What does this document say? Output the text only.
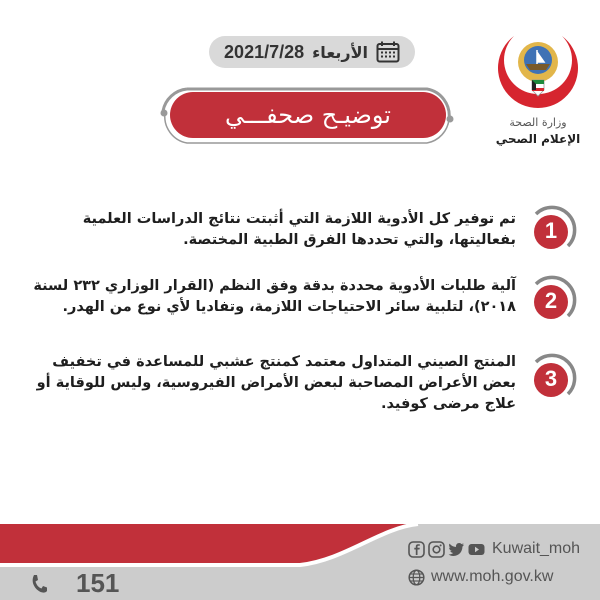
وزارة الصحة
الإعلام الصحي
الأربعاء
2021/7/28
توضيـح صحفـــي
1
تم توفير كل الأدوية اللازمة التي أثبتت نتائج الدراسات العلمية بفعاليتها، والتي تحددها الفرق الطبية المختصة.
2
آلية طلبات الأدوية محددة بدقة وفق النظم (القرار الوزاري ٢٣٢ لسنة ٢٠١٨)، لتلبية سائر الاحتياجات اللازمة، وتفاديا لأي نوع من الهدر.
3
المنتج الصيني المتداول معتمد كمنتج عشبي للمساعدة في تخفيف بعض الأعراض المصاحبة لبعض الأمراض الفيروسية، وليس للوقاية أو علاج مرضى كوفيد.
151
Kuwait_moh
www.moh.gov.kw
